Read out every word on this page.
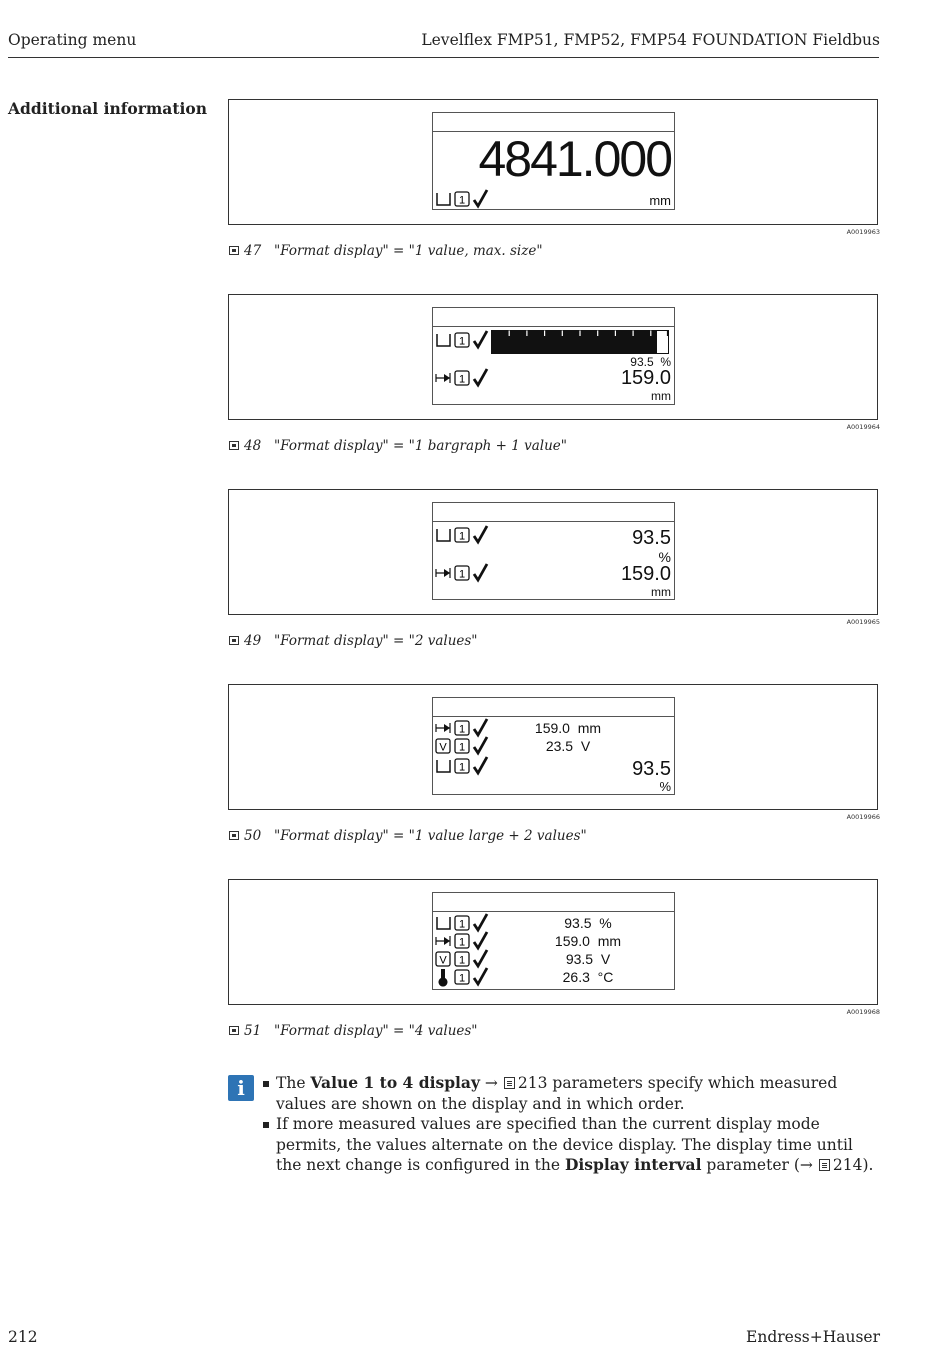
Operating menu	Levelflex FMP51, FMP52, FMP54 FOUNDATION Fieldbus
Additional information
4841.000
1	mm
A0019963
47 "Format display" = "1 value, max. size"
1
93.5 %
1	159.0
mm
A0019964
48 "Format display" = "1 bargraph + 1 value"
1	93.5
%
1	159.0
mm
A0019965
49 "Format display" = "2 values"
1	159.0  mm
V 1	23.5  V
1	93.5
%
A0019966
50 "Format display" = "1 value large + 2 values"
1	93.5  %
1	159.0  mm
V 1	93.5  V
1	26.3  °C
A0019968
51 "Format display" = "4 values"
i	The Value 1 to 4 display → 213 parameters specify which measured values are shown on the display and in which order.
If more measured values are specified than the current display mode permits, the values alternate on the device display. The display time until the next change is configured in the Display interval parameter (→ 214).
212	Endress+Hauser
